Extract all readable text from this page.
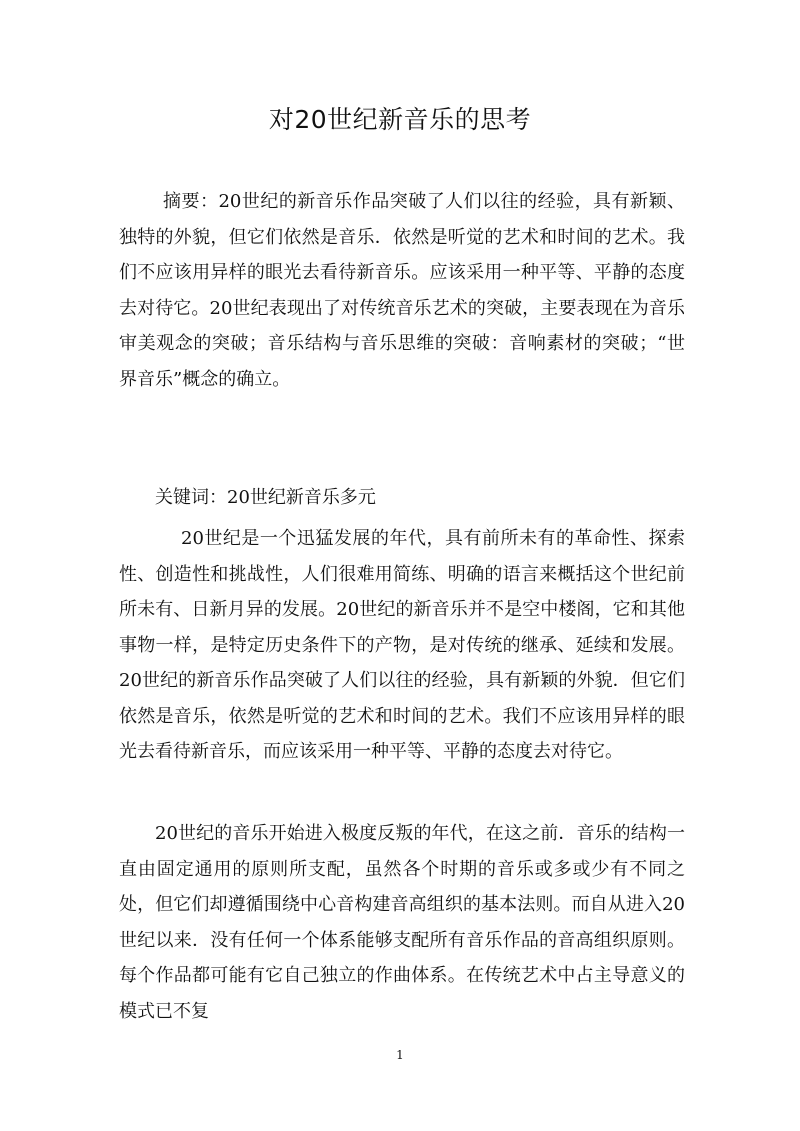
对20世纪新音乐的思考

摘要：20世纪的新音乐作品突破了人们以往的经验，具有新颖、独特的外貌，但它们依然是音乐．依然是听觉的艺术和时间的艺术。我们不应该用异样的眼光去看待新音乐。应该采用一种平等、平静的态度去对待它。20世纪表现出了对传统音乐艺术的突破，主要表现在为音乐审美观念的突破；音乐结构与音乐思维的突破：音响素材的突破；“世界音乐”概念的确立。

关键词：20世纪新音乐多元

20世纪是一个迅猛发展的年代，具有前所未有的革命性、探索性、创造性和挑战性，人们很难用简练、明确的语言来概括这个世纪前所未有、日新月异的发展。20世纪的新音乐并不是空中楼阁，它和其他事物一样，是特定历史条件下的产物，是对传统的继承、延续和发展。20世纪的新音乐作品突破了人们以往的经验，具有新颖的外貌．但它们依然是音乐，依然是听觉的艺术和时间的艺术。我们不应该用异样的眼光去看待新音乐，而应该采用一种平等、平静的态度去对待它。

20世纪的音乐开始进入极度反叛的年代，在这之前．音乐的结构一直由固定通用的原则所支配，虽然各个时期的音乐或多或少有不同之处，但它们却遵循围绕中心音构建音高组织的基本法则。而自从进入20世纪以来．没有任何一个体系能够支配所有音乐作品的音高组织原则。每个作品都可能有它自己独立的作曲体系。在传统艺术中占主导意义的模式已不复

1
